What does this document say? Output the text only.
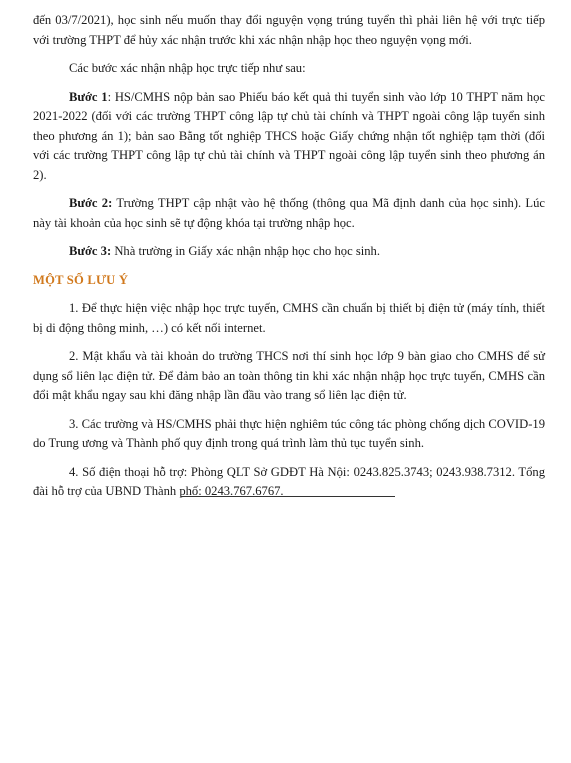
đến 03/7/2021), học sinh nếu muốn thay đổi nguyện vọng trúng tuyển thì phải liên hệ với trực tiếp với trường THPT để hủy xác nhận trước khi xác nhận nhập học theo nguyện vọng mới.

Các bước xác nhận nhập học trực tiếp như sau:

Bước 1: HS/CMHS nộp bản sao Phiếu báo kết quả thi tuyển sinh vào lớp 10 THPT năm học 2021-2022 (đối với các trường THPT công lập tự chủ tài chính và THPT ngoài công lập tuyển sinh theo phương án 1); bản sao Bằng tốt nghiệp THCS hoặc Giấy chứng nhận tốt nghiệp tạm thời (đối với các trường THPT công lập tự chủ tài chính và THPT ngoài công lập tuyển sinh theo phương án 2).

Bước 2: Trường THPT cập nhật vào hệ thống (thông qua Mã định danh của học sinh). Lúc này tài khoản của học sinh sẽ tự động khóa tại trường nhập học.

Bước 3: Nhà trường in Giấy xác nhận nhập học cho học sinh.

MỘT SỐ LƯU Ý

1. Để thực hiện việc nhập học trực tuyến, CMHS cần chuẩn bị thiết bị điện tử (máy tính, thiết bị di động thông minh, …) có kết nối internet.

2. Mật khẩu và tài khoản do trường THCS nơi thí sinh học lớp 9 bàn giao cho CMHS để sử dụng sổ liên lạc điện tử. Để đảm bảo an toàn thông tin khi xác nhận nhập học trực tuyến, CMHS cần đổi mật khẩu ngay sau khi đăng nhập lần đầu vào trang sổ liên lạc điện tử.

3. Các trường và HS/CMHS phải thực hiện nghiêm túc công tác phòng chống dịch COVID-19 do Trung ương và Thành phố quy định trong quá trình làm thủ tục tuyển sinh.

4. Số điện thoại hỗ trợ: Phòng QLT Sở GDĐT Hà Nội: 0243.825.3743; 0243.938.7312. Tổng đài hỗ trợ của UBND Thành phố: 0243.767.6767.
